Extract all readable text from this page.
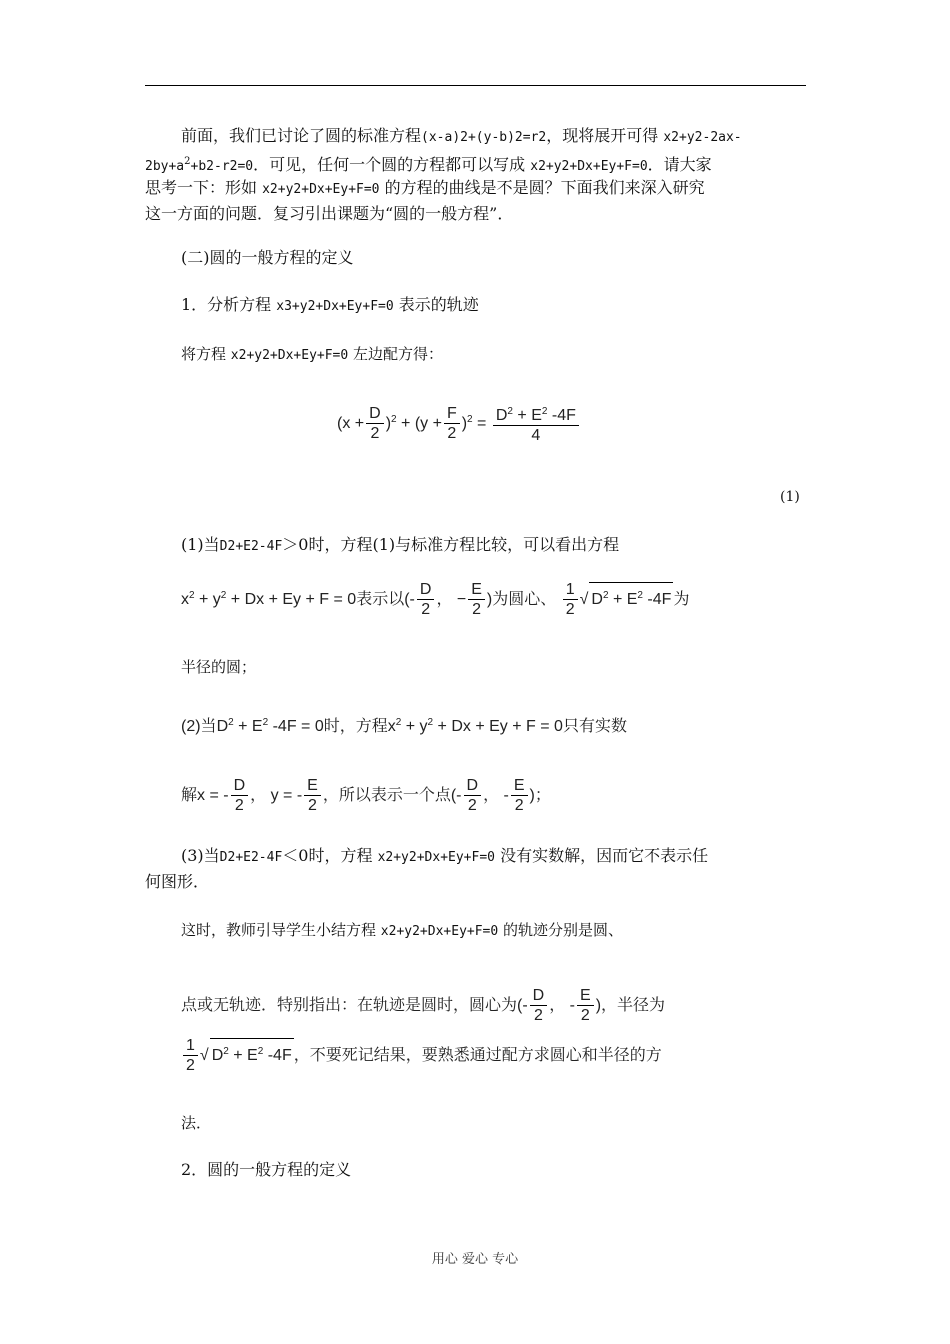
前面，我们已讨论了圆的标准方程(x-a)2+(y-b)2=r2，现将展开可得 x2+y2-2ax-
$2by+a^2+b2-r2=0$．可见，任何一个圆的方程都可以写成 x2+y2+Dx+Ey+F=0．请大家
思考一下：形如 x2+y2+Dx+Ey+F=0 的方程的曲线是不是圆？下面我们来深入研究
这一方面的问题．复习引出课题为“圆的一般方程”．
(二)圆的一般方程的定义
1．分析方程 x3+y2+Dx+Ey+F=0 表示的轨迹
将方程 x2+y2+Dx+Ey+F=0 左边配方得：
$(x + \frac{D}{2} )^2 + (y + \frac{F}{2} )^2 = \frac{D^2 + E^2 -4F}{4}$
(1)
(1)当D2+E2-4F＞0时，方程(1)与标准方程比较，可以看出方程
$x^2 + y^2 + Dx + Ey + F = 0$表示以(- $\frac{D}{2}$ ， − $\frac{E}{2}$ )为圆心、 $\frac{1}{2}$ √ $D^2 + E^2$ -4F 为
半径的圆；
(2)当$D^2 + E^2$ -4F = 0时，方程$x^2 + y^2 + Dx + Ey + F = 0$只有实数
解x = - $\frac{D}{2}$ ， y = - $\frac{E}{2}$ ，所以表示一个点(- $\frac{D}{2}$ ， - $\frac{E}{2}$ )；
(3)当D2+E2-4F＜0时，方程 x2+y2+Dx+Ey+F=0 没有实数解，因而它不表示任
何图形．
这时，教师引导学生小结方程 x2+y2+Dx+Ey+F=0 的轨迹分别是圆、
点或无轨迹．特别指出：在轨迹是圆时，圆心为(- $\frac{D}{2}$ ， - $\frac{E}{2}$ )，半径为
$\frac{1}{2}$ √ $D^2 + E^2$ -4F ，不要死记结果，要熟悉通过配方求圆心和半径的方
法．
2．圆的一般方程的定义
用心 爱心 专心
